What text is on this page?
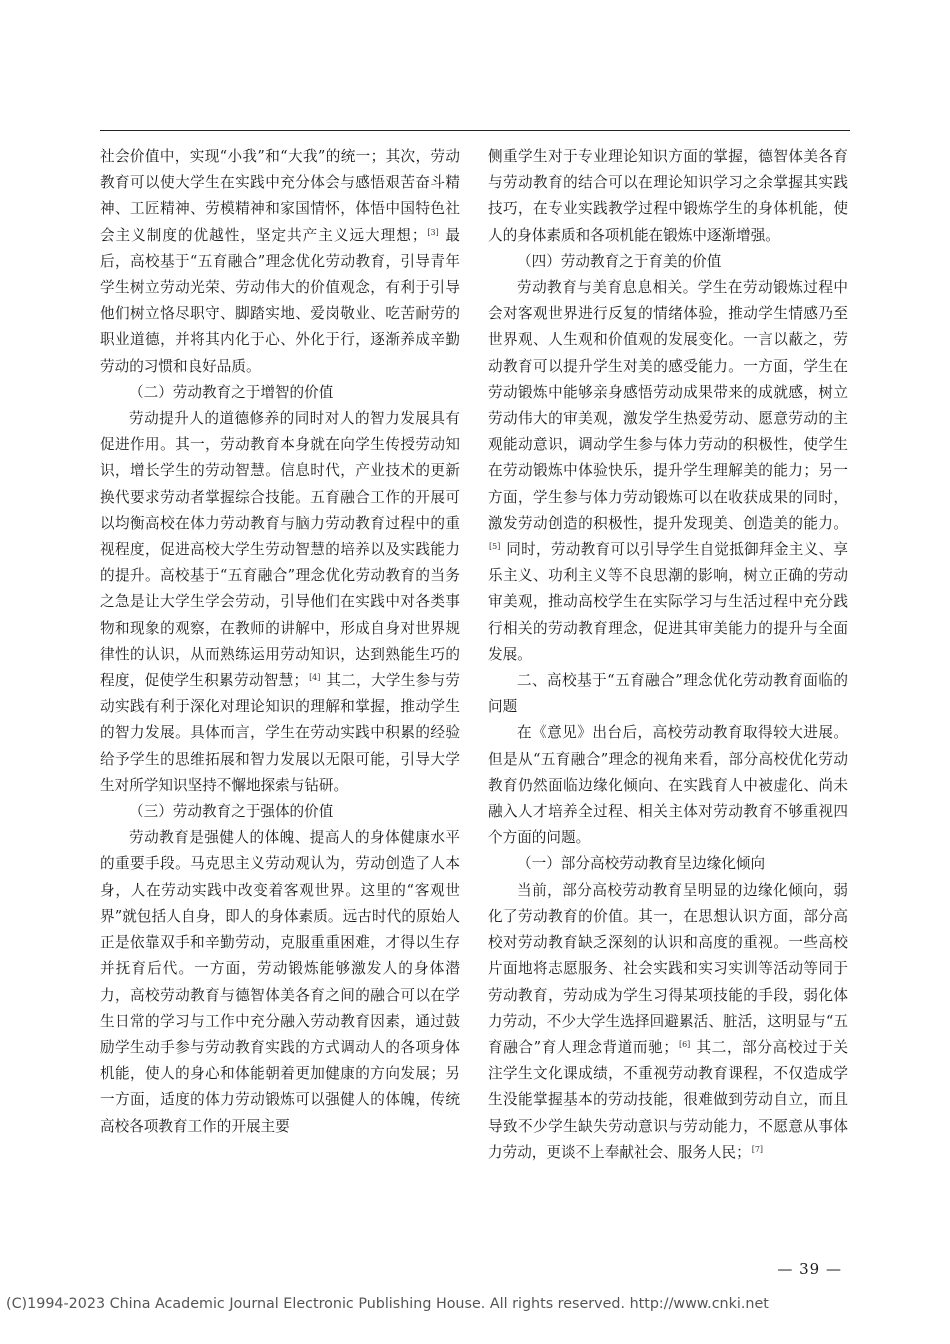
社会价值中，实现“小我”和“大我”的统一；其次，劳动教育可以使大学生在实践中充分体会与感悟艰苦奋斗精神、工匠精神、劳模精神和家国情怀，体悟中国特色社会主义制度的优越性，坚定共产主义远大理想；[3] 最后，高校基于“五育融合”理念优化劳动教育，引导青年学生树立劳动光荣、劳动伟大的价值观念，有利于引导他们树立恪尽职守、脚踏实地、爱岗敬业、吃苦耐劳的职业道德，并将其内化于心、外化于行，逐渐养成辛勤劳动的习惯和良好品质。

（二）劳动教育之于增智的价值

劳动提升人的道德修养的同时对人的智力发展具有促进作用。其一，劳动教育本身就在向学生传授劳动知识，增长学生的劳动智慧。信息时代，产业技术的更新换代要求劳动者掌握综合技能。五育融合工作的开展可以均衡高校在体力劳动教育与脑力劳动教育过程中的重视程度，促进高校大学生劳动智慧的培养以及实践能力的提升。高校基于“五育融合”理念优化劳动教育的当务之急是让大学生学会劳动，引导他们在实践中对各类事物和现象的观察，在教师的讲解中，形成自身对世界规律性的认识，从而熟练运用劳动知识，达到熟能生巧的程度，促使学生积累劳动智慧；[4] 其二，大学生参与劳动实践有利于深化对理论知识的理解和掌握，推动学生的智力发展。具体而言，学生在劳动实践中积累的经验给予学生的思维拓展和智力发展以无限可能，引导大学生对所学知识坚持不懈地探索与钻研。

（三）劳动教育之于强体的价值

劳动教育是强健人的体魄、提高人的身体健康水平的重要手段。马克思主义劳动观认为，劳动创造了人本身，人在劳动实践中改变着客观世界。这里的“客观世界”就包括人自身，即人的身体素质。远古时代的原始人正是依靠双手和辛勤劳动，克服重重困难，才得以生存并抚育后代。一方面，劳动锻炼能够激发人的身体潜力，高校劳动教育与德智体美各育之间的融合可以在学生日常的学习与工作中充分融入劳动教育因素，通过鼓励学生动手参与劳动教育实践的方式调动人的各项身体机能，使人的身心和体能朝着更加健康的方向发展；另一方面，适度的体力劳动锻炼可以强健人的体魄，传统高校各项教育工作的开展主要

侧重学生对于专业理论知识方面的掌握，德智体美各育与劳动教育的结合可以在理论知识学习之余掌握其实践技巧，在专业实践教学过程中锻炼学生的身体机能，使人的身体素质和各项机能在锻炼中逐渐增强。

（四）劳动教育之于育美的价值

劳动教育与美育息息相关。学生在劳动锻炼过程中会对客观世界进行反复的情绪体验，推动学生情感乃至世界观、人生观和价值观的发展变化。一言以蔽之，劳动教育可以提升学生对美的感受能力。一方面，学生在劳动锻炼中能够亲身感悟劳动成果带来的成就感，树立劳动伟大的审美观，激发学生热爱劳动、愿意劳动的主观能动意识，调动学生参与体力劳动的积极性，使学生在劳动锻炼中体验快乐，提升学生理解美的能力；另一方面，学生参与体力劳动锻炼可以在收获成果的同时，激发劳动创造的积极性，提升发现美、创造美的能力。[5] 同时，劳动教育可以引导学生自觉抵御拜金主义、享乐主义、功利主义等不良思潮的影响，树立正确的劳动审美观，推动高校学生在实际学习与生活过程中充分践行相关的劳动教育理念，促进其审美能力的提升与全面发展。

二、高校基于“五育融合”理念优化劳动教育面临的问题

在《意见》出台后，高校劳动教育取得较大进展。但是从“五育融合”理念的视角来看，部分高校优化劳动教育仍然面临边缘化倾向、在实践育人中被虚化、尚未融入人才培养全过程、相关主体对劳动教育不够重视四个方面的问题。

（一）部分高校劳动教育呈边缘化倾向

当前，部分高校劳动教育呈明显的边缘化倾向，弱化了劳动教育的价值。其一，在思想认识方面，部分高校对劳动教育缺乏深刻的认识和高度的重视。一些高校片面地将志愿服务、社会实践和实习实训等活动等同于劳动教育，劳动成为学生习得某项技能的手段，弱化体力劳动，不少大学生选择回避累活、脏活，这明显与“五育融合”育人理念背道而驰；[6] 其二，部分高校过于关注学生文化课成绩，不重视劳动教育课程，不仅造成学生没能掌握基本的劳动技能，很难做到劳动自立，而且导致不少学生缺失劳动意识与劳动能力，不愿意从事体力劳动，更谈不上奉献社会、服务人民；[7]

— 39 —
(C)1994-2023 China Academic Journal Electronic Publishing House. All rights reserved. http://www.cnki.net
